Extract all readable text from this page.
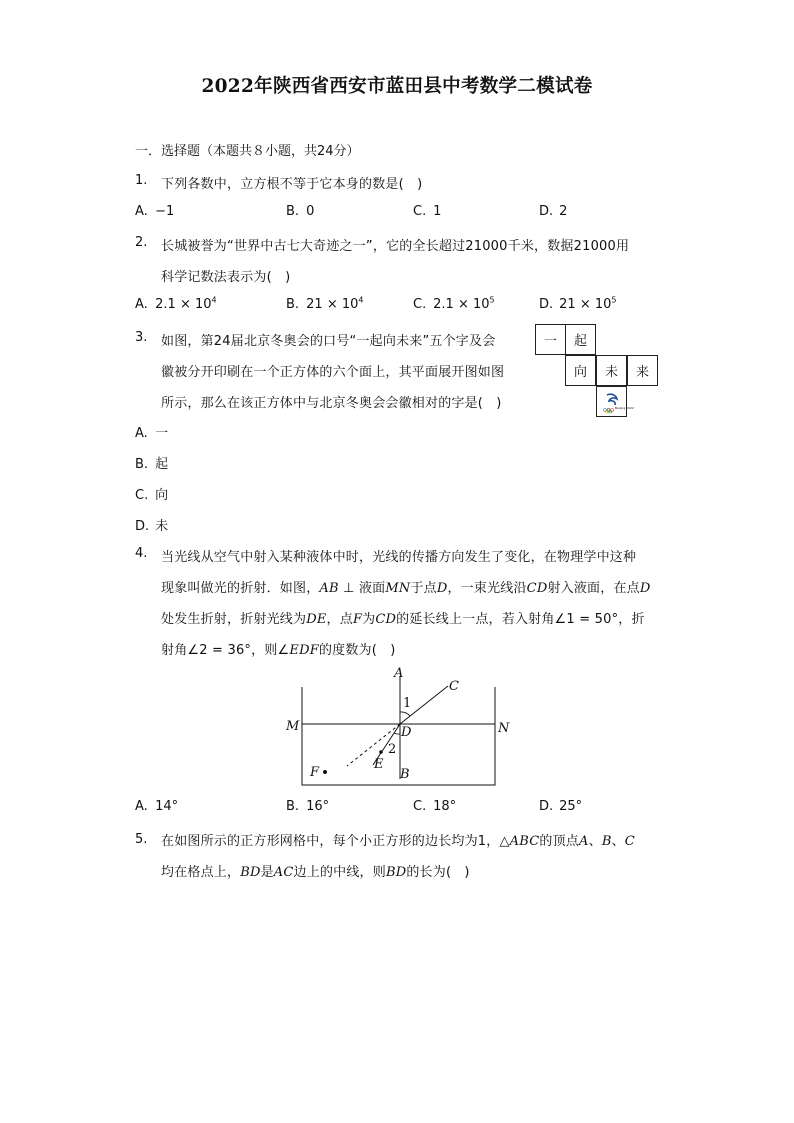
2022年陕西省西安市蓝田县中考数学二模试卷
一．选择题（本题共８小题，共24分）
1. 下列各数中，立方根不等于它本身的数是(　)
A. −1	B. 0	C. 1	D. 2
2. 长城被誉为“世界中古七大奇迹之一”，它的全长超过21000千米，数据21000用
科学记数法表示为(　)
A. $2.1 \times 10^4$	B. $21 \times 10^4$	C. $2.1 \times 10^5$	D. $21 \times 10^5$
3. 如图，第24届北京冬奥会的口号“一起向未来”五个字及会
徽被分开印刷在一个正方体的六个面上，其平面展开图如图
所示，那么在该正方体中与北京冬奥会会徽相对的字是(　)
一	起
向	未	来
Beijing 2022
A. 一
B. 起
C. 向
D. 未
4. 当光线从空气中射入某种液体中时，光线的传播方向发生了变化，在物理学中这种
现象叫做光的折射．如图，AB ⊥ 液面MN于点D，一束光线沿CD射入液面，在点D
处发生折射，折射光线为DE，点F为CD的延长线上一点，若入射角∠1 = 50°，折
射角∠2 = 36°，则∠EDF的度数为(　)
A
B
C
D
E
F
M	N
1
2
A. 14°	B. 16°	C. 18°	D. 25°
5. 在如图所示的正方形网格中，每个小正方形的边长均为1，△ABC的顶点A、B、C
均在格点上，BD是AC边上的中线，则BD的长为(　)
